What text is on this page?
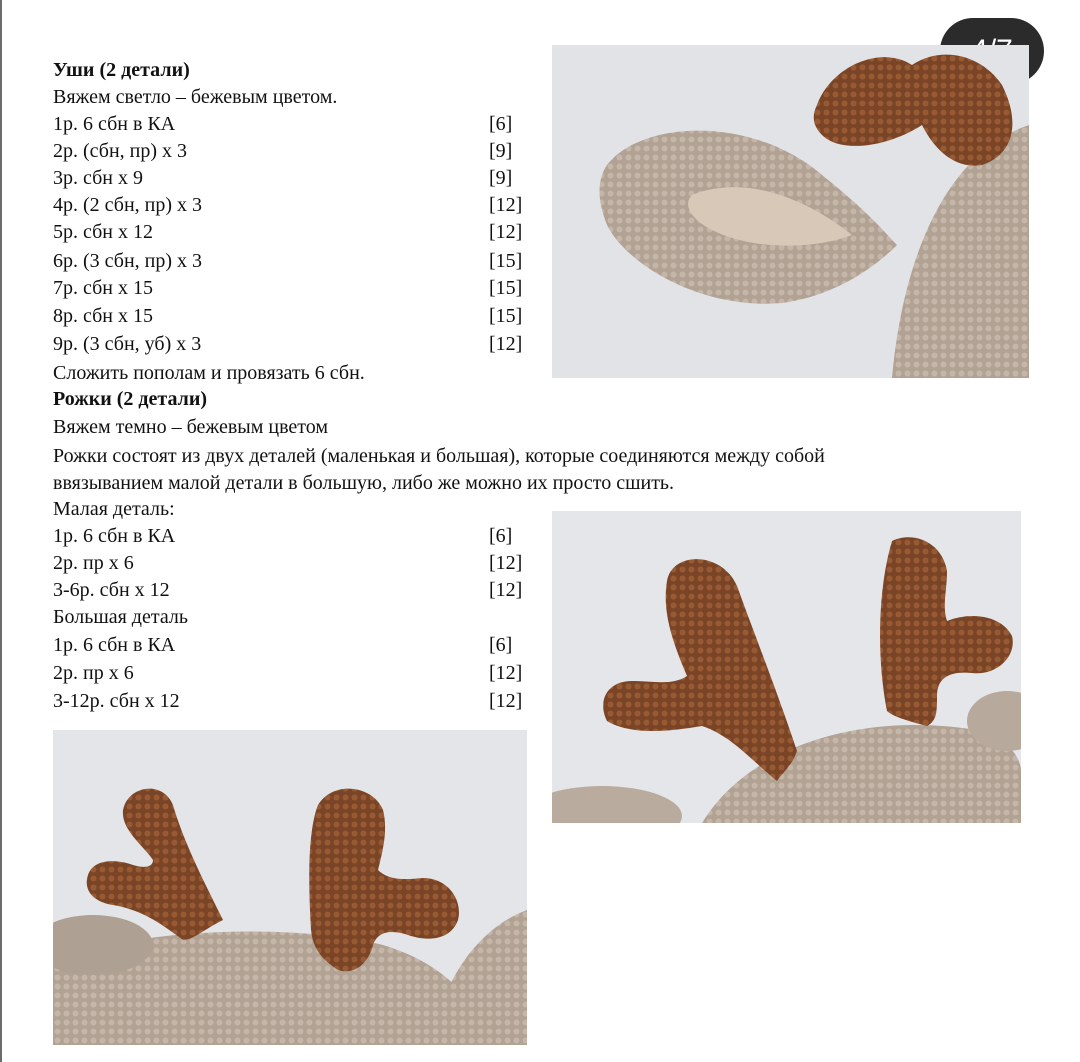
Уши (2 детали)
Вяжем светло – бежевым цветом.
1р. 6 сбн в КА	[6]
2р. (сбн, пр) х 3	[9]
3р. сбн х 9	[9]
4р. (2 сбн, пр) х 3	[12]
5р. сбн х 12	[12]
6р. (3 сбн, пр) х 3	[15]
7р. сбн х 15	[15]
8р. сбн х 15	[15]
9р. (3 сбн, уб) х 3	[12]
Сложить пополам и провязать 6 сбн.
Рожки (2 детали)
Вяжем темно – бежевым цветом
Рожки состоят из двух деталей (маленькая и большая), которые соединяются между собой
ввязыванием малой детали в большую, либо же можно их просто сшить.
Малая деталь:
1р. 6 сбн в КА	[6]
2р. пр х 6	[12]
3-6р. сбн х 12	[12]
Большая деталь
1р. 6 сбн в КА	[6]
2р. пр х 6	[12]
3-12р. сбн х 12	[12]
